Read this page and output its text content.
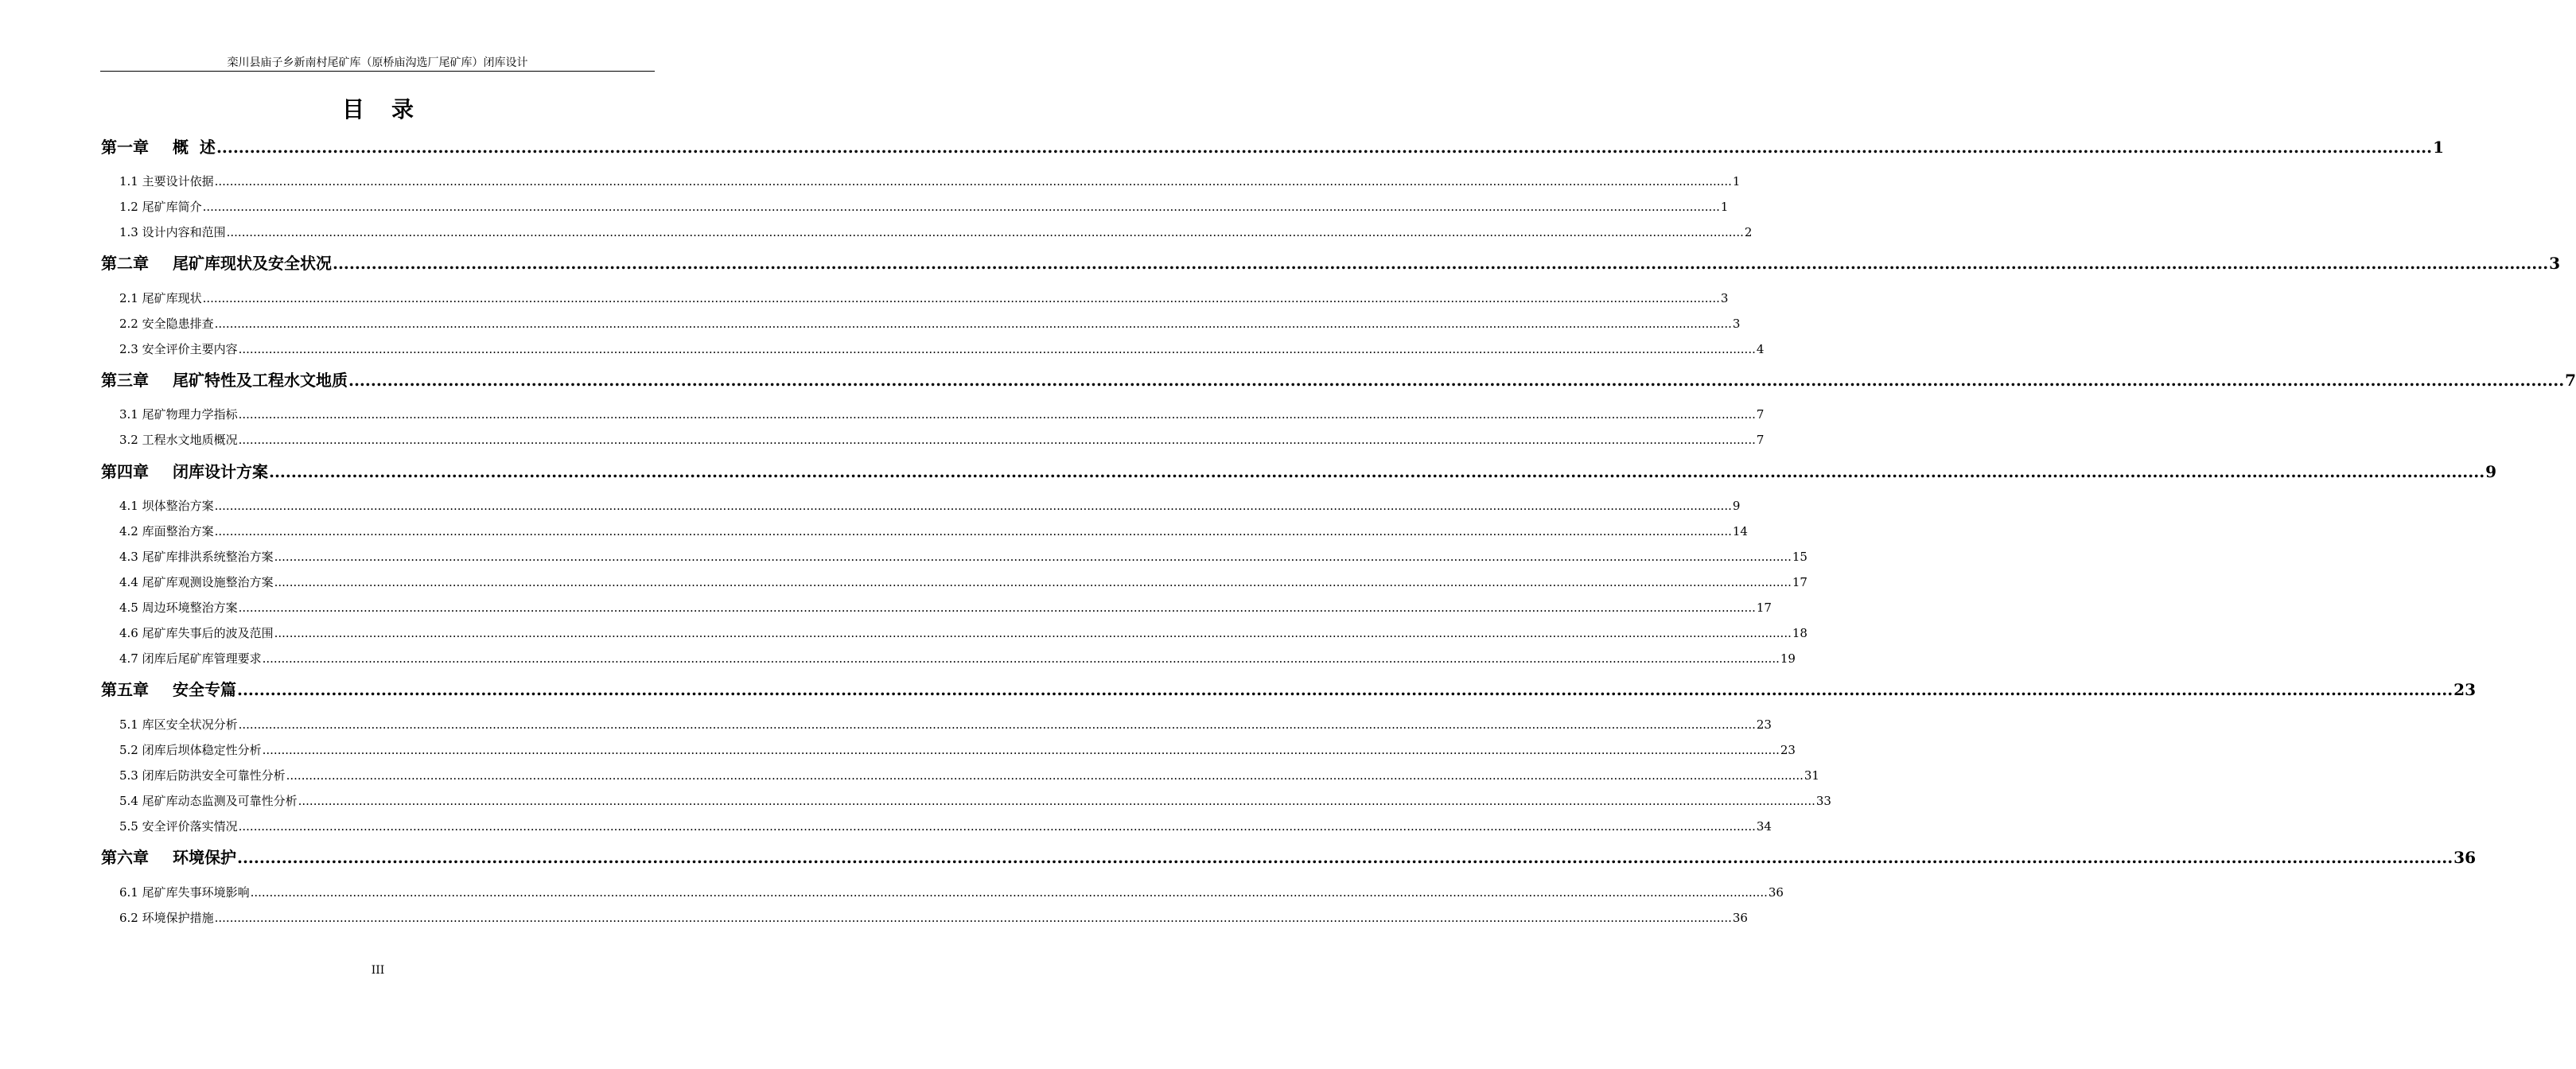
栾川县庙子乡新南村尾矿库（原桥庙沟选厂尾矿库）闭库设计
目录
第一章 概  述 ................................................................................................................................................................................................................................................................................................................................................................................................................ 1
1.1 主要设计依据 ................................................................................................................................................................................................................................................................................................................................................................................................................ 1
1.2 尾矿库简介 ................................................................................................................................................................................................................................................................................................................................................................................................................ 1
1.3 设计内容和范围 ................................................................................................................................................................................................................................................................................................................................................................................................................ 2
第二章 尾矿库现状及安全状况 ................................................................................................................................................................................................................................................................................................................................................................................................................ 3
2.1 尾矿库现状 ................................................................................................................................................................................................................................................................................................................................................................................................................ 3
2.2 安全隐患排查 ................................................................................................................................................................................................................................................................................................................................................................................................................ 3
2.3 安全评价主要内容 ................................................................................................................................................................................................................................................................................................................................................................................................................ 4
第三章 尾矿特性及工程水文地质 ................................................................................................................................................................................................................................................................................................................................................................................................................ 7
3.1 尾矿物理力学指标 ................................................................................................................................................................................................................................................................................................................................................................................................................ 7
3.2 工程水文地质概况 ................................................................................................................................................................................................................................................................................................................................................................................................................ 7
第四章 闭库设计方案 ................................................................................................................................................................................................................................................................................................................................................................................................................ 9
4.1 坝体整治方案 ................................................................................................................................................................................................................................................................................................................................................................................................................ 9
4.2 库面整治方案 ................................................................................................................................................................................................................................................................................................................................................................................................................ 14
4.3 尾矿库排洪系统整治方案 ................................................................................................................................................................................................................................................................................................................................................................................................................ 15
4.4 尾矿库观测设施整治方案 ................................................................................................................................................................................................................................................................................................................................................................................................................ 17
4.5 周边环境整治方案 ................................................................................................................................................................................................................................................................................................................................................................................................................ 17
4.6 尾矿库失事后的波及范围 ................................................................................................................................................................................................................................................................................................................................................................................................................ 18
4.7 闭库后尾矿库管理要求 ................................................................................................................................................................................................................................................................................................................................................................................................................ 19
第五章 安全专篇 ................................................................................................................................................................................................................................................................................................................................................................................................................ 23
5.1 库区安全状况分析 ................................................................................................................................................................................................................................................................................................................................................................................................................ 23
5.2 闭库后坝体稳定性分析 ................................................................................................................................................................................................................................................................................................................................................................................................................ 23
5.3 闭库后防洪安全可靠性分析 ................................................................................................................................................................................................................................................................................................................................................................................................................ 31
5.4 尾矿库动态监测及可靠性分析 ................................................................................................................................................................................................................................................................................................................................................................................................................ 33
5.5 安全评价落实情况 ................................................................................................................................................................................................................................................................................................................................................................................................................ 34
第六章 环境保护 ................................................................................................................................................................................................................................................................................................................................................................................................................ 36
6.1 尾矿库失事环境影响 ................................................................................................................................................................................................................................................................................................................................................................................................................ 36
6.2 环境保护措施 ................................................................................................................................................................................................................................................................................................................................................................................................................ 36
III
